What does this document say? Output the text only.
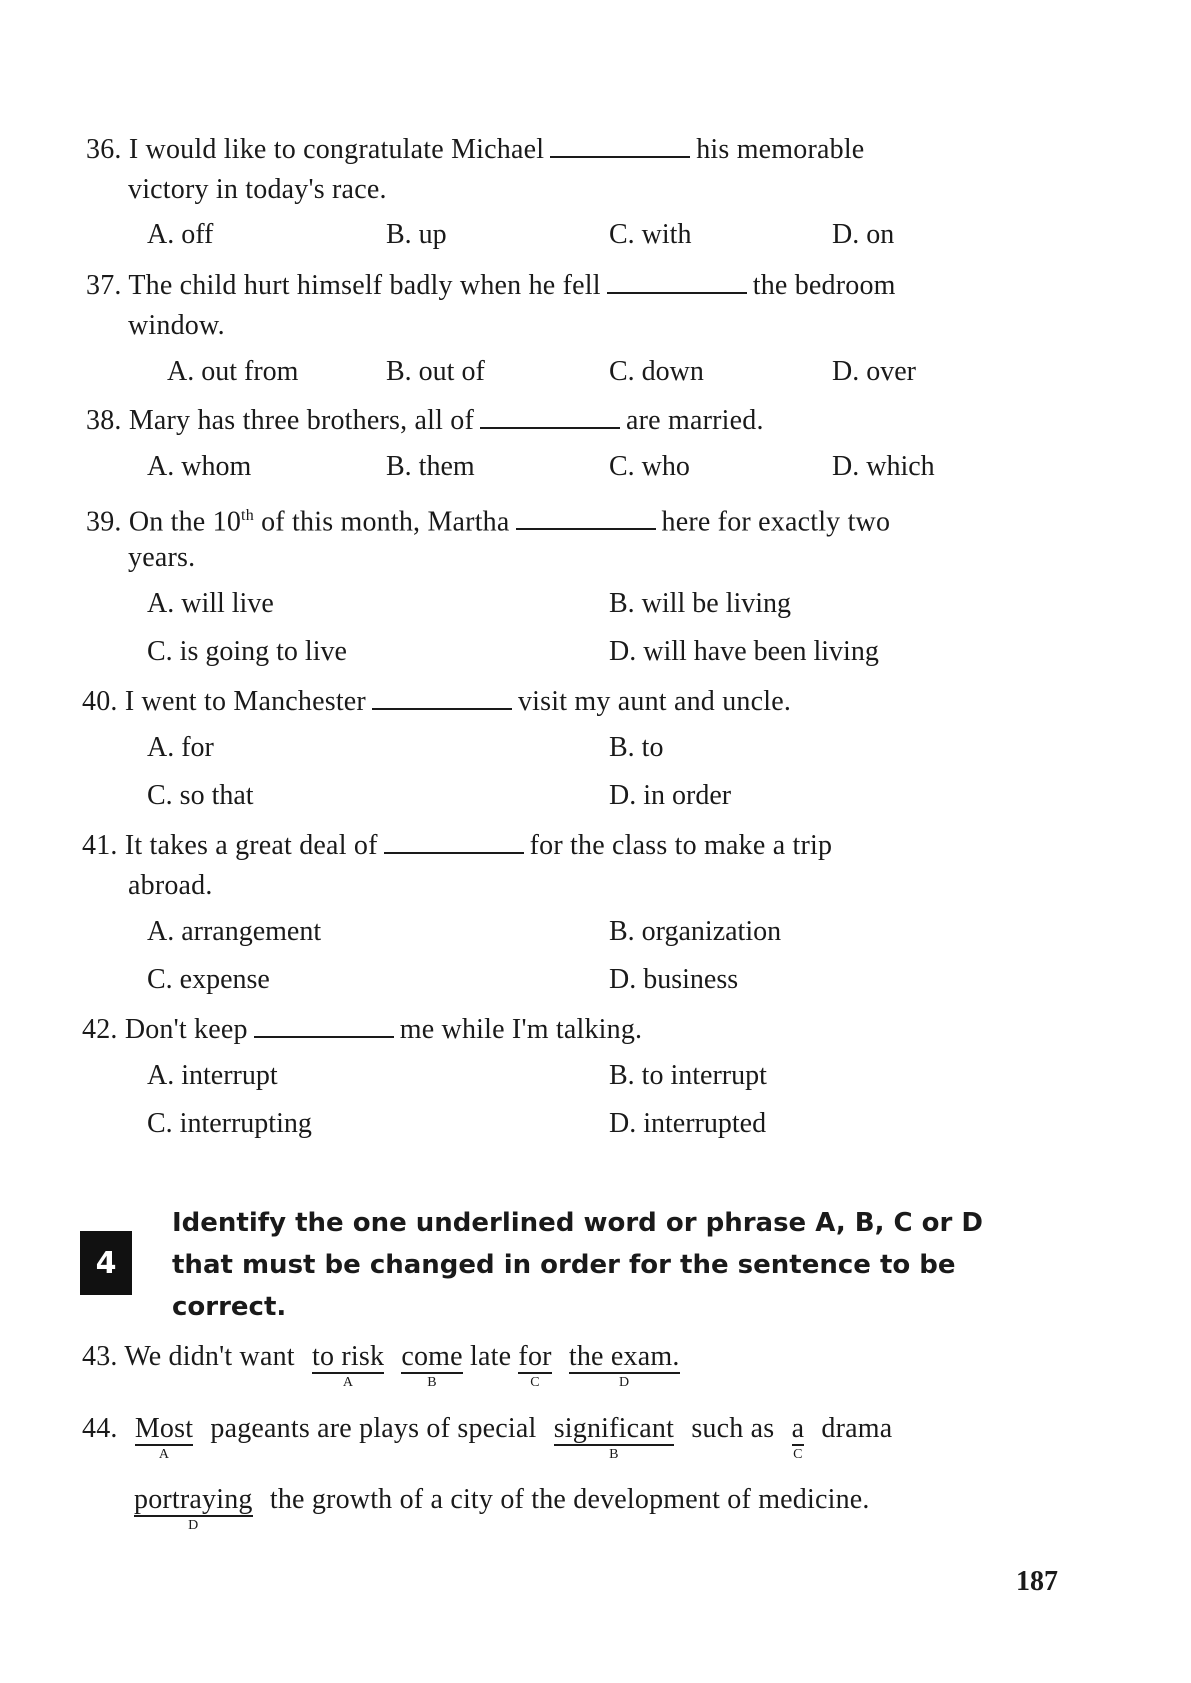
36. I would like to congratulate Michael	his memorable
victory in today's race.
A. off	B. up	C. with	D. on
37. The child hurt himself badly when he fell	the bedroom
window.
A. out from	B. out of	C. down	D. over
38. Mary has three brothers, all of	are married.
A. whom	B. them	C. who	D. which
39. On the 10th of this month, Martha	here for exactly two
years.
A. will live	B. will be living
C. is going to live	D. will have been living
40. I went to Manchester	visit my aunt and uncle.
A. for	B. to
C. so that	D. in order
41. It takes a great deal of	for the class to make a trip
abroad.
A. arrangement	B. organization
C. expense	D. business
42. Don't keep	me while I'm talking.
A. interrupt	B. to interrupt
C. interrupting	D. interrupted
4
Identify the one underlined word or phrase A, B, C or D
that must be changed in order for the sentence to be
correct.
43. We didn't want to risk
A
come
B
late for
C
the exam.
D
44. Most
A
pageants are plays of special significant
B
such as a
C
drama
portraying
D
the growth of a city of the development of medicine.
187
